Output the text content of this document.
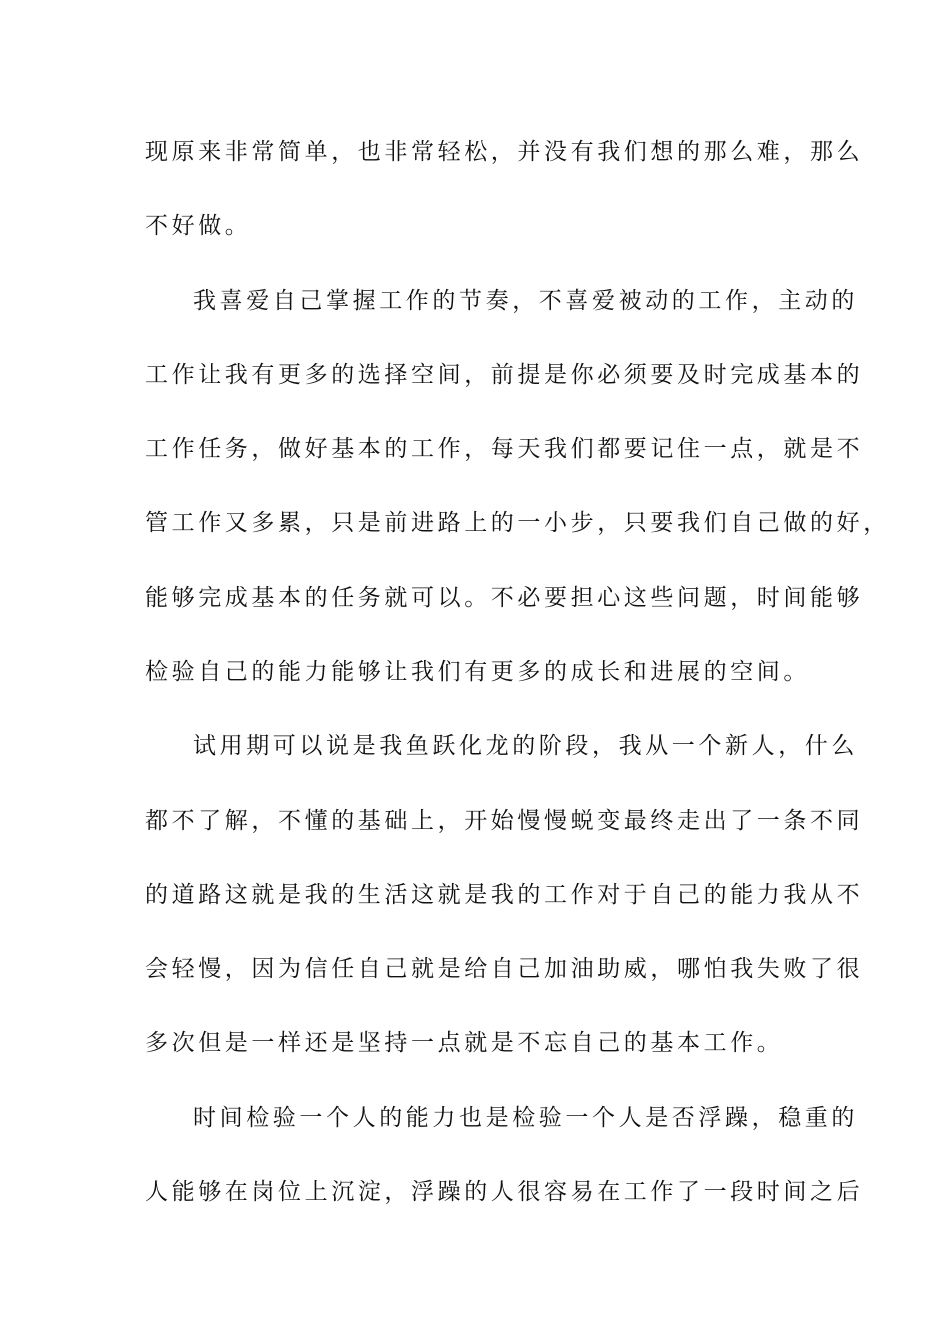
现原来非常简单，也非常轻松，并没有我们想的那么难，那么
不好做。
我喜爱自己掌握工作的节奏，不喜爱被动的工作，主动的
工作让我有更多的选择空间，前提是你必须要及时完成基本的
工作任务，做好基本的工作，每天我们都要记住一点，就是不
管工作又多累，只是前进路上的一小步，只要我们自己做的好，
能够完成基本的任务就可以。不必要担心这些问题，时间能够
检验自己的能力能够让我们有更多的成长和进展的空间。
试用期可以说是我鱼跃化龙的阶段，我从一个新人，什么
都不了解，不懂的基础上，开始慢慢蜕变最终走出了一条不同
的道路这就是我的生活这就是我的工作对于自己的能力我从不
会轻慢，因为信任自己就是给自己加油助威，哪怕我失败了很
多次但是一样还是坚持一点就是不忘自己的基本工作。
时间检验一个人的能力也是检验一个人是否浮躁，稳重的
人能够在岗位上沉淀，浮躁的人很容易在工作了一段时间之后
